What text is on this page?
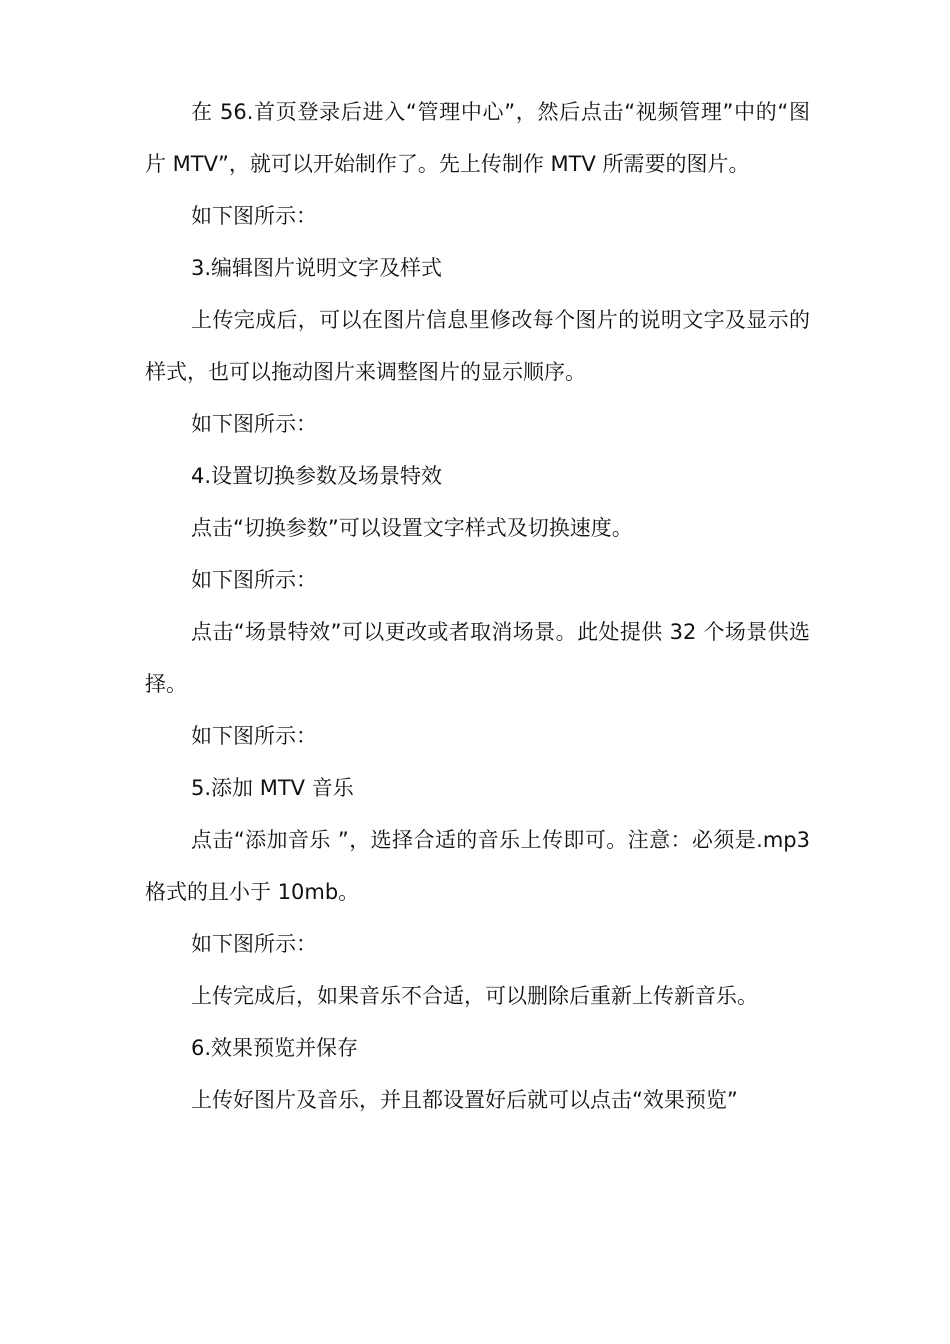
在 56.首页登录后进入“管理中心”，然后点击“视频管理”中的“图片 MTV”，就可以开始制作了。先上传制作 MTV 所需要的图片。

如下图所示：

3.编辑图片说明文字及样式

上传完成后，可以在图片信息里修改每个图片的说明文字及显示的样式，也可以拖动图片来调整图片的显示顺序。

如下图所示：

4.设置切换参数及场景特效

点击“切换参数”可以设置文字样式及切换速度。

如下图所示：

点击“场景特效”可以更改或者取消场景。此处提供 32 个场景供选择。

如下图所示：

5.添加 MTV 音乐

点击“添加音乐 ”，选择合适的音乐上传即可。注意：必须是.mp3 格式的且小于 10mb。

如下图所示：

上传完成后，如果音乐不合适，可以删除后重新上传新音乐。

6.效果预览并保存

上传好图片及音乐，并且都设置好后就可以点击“效果预览”
